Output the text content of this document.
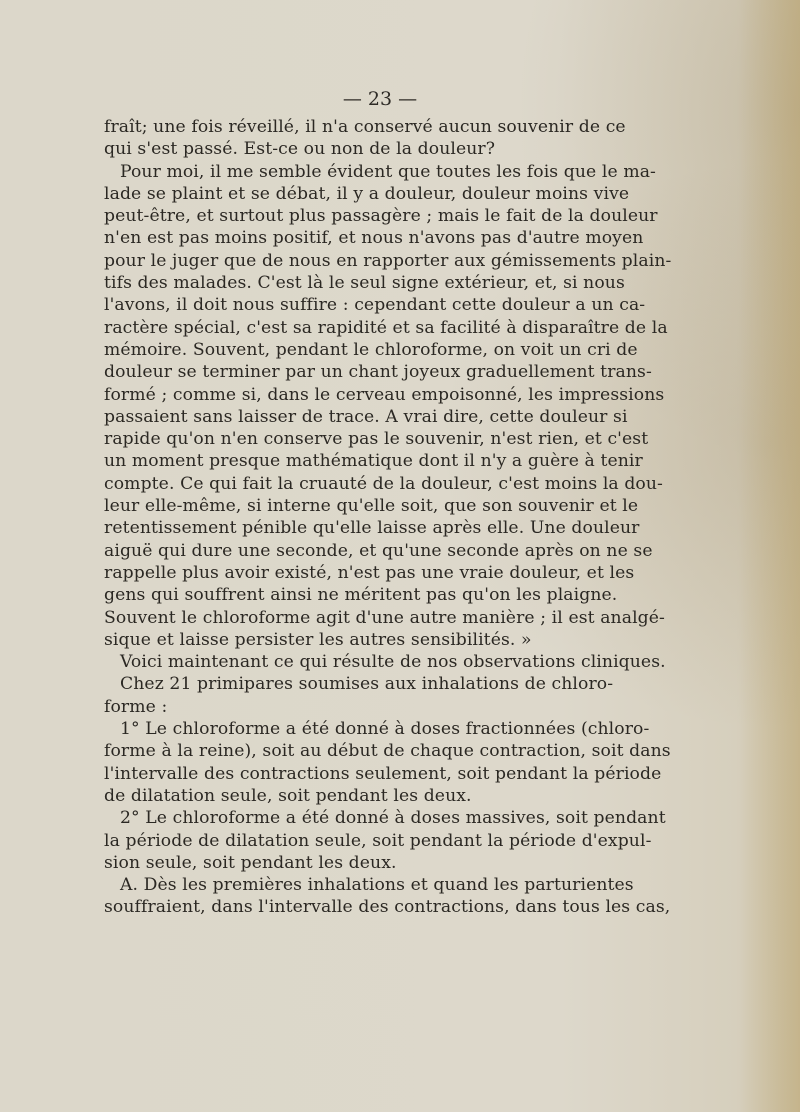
— 23 —
fraît; une fois réveillé, il n'a conservé aucun souvenir de ce
qui s'est passé. Est-ce ou non de la douleur?
Pour moi, il me semble évident que toutes les fois que le ma-
lade se plaint et se débat, il y a douleur, douleur moins vive
peut-être, et surtout plus passagère ; mais le fait de la douleur
n'en est pas moins positif, et nous n'avons pas d'autre moyen
pour le juger que de nous en rapporter aux gémissements plain-
tifs des malades. C'est là le seul signe extérieur, et, si nous
l'avons, il doit nous suffire : cependant cette douleur a un ca-
ractère spécial, c'est sa rapidité et sa facilité à disparaître de la
mémoire. Souvent, pendant le chloroforme, on voit un cri de
douleur se terminer par un chant joyeux graduellement trans-
formé ; comme si, dans le cerveau empoisonné, les impressions
passaient sans laisser de trace. A vrai dire, cette douleur si
rapide qu'on n'en conserve pas le souvenir, n'est rien, et c'est
un moment presque mathématique dont il n'y a guère à tenir
compte. Ce qui fait la cruauté de la douleur, c'est moins la dou-
leur elle-même, si interne qu'elle soit, que son souvenir et le
retentissement pénible qu'elle laisse après elle. Une douleur
aiguë qui dure une seconde, et qu'une seconde après on ne se
rappelle plus avoir existé, n'est pas une vraie douleur, et les
gens qui souffrent ainsi ne méritent pas qu'on les plaigne.
Souvent le chloroforme agit d'une autre manière ; il est analgé-
sique et laisse persister les autres sensibilités. »
Voici maintenant ce qui résulte de nos observations cliniques.
Chez 21 primipares soumises aux inhalations de chloro-
forme :
1° Le chloroforme a été donné à doses fractionnées (chloro-
forme à la reine), soit au début de chaque contraction, soit dans
l'intervalle des contractions seulement, soit pendant la période
de dilatation seule, soit pendant les deux.
2° Le chloroforme a été donné à doses massives, soit pendant
la période de dilatation seule, soit pendant la période d'expul-
sion seule, soit pendant les deux.
A. Dès les premières inhalations et quand les parturientes
souffraient, dans l'intervalle des contractions, dans tous les cas,
